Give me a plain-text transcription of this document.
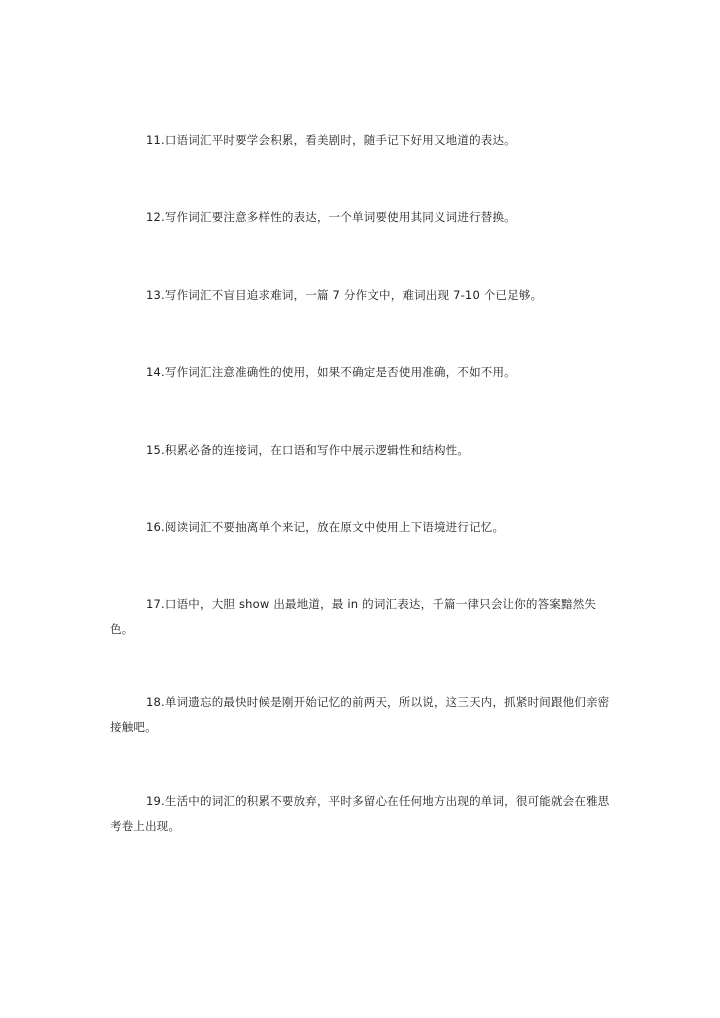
11.口语词汇平时要学会积累，看美剧时，随手记下好用又地道的表达。

12.写作词汇要注意多样性的表达，一个单词要使用其同义词进行替换。

13.写作词汇不盲目追求难词，一篇 7 分作文中，难词出现 7-10 个已足够。

14.写作词汇注意准确性的使用，如果不确定是否使用准确，不如不用。

15.积累必备的连接词，在口语和写作中展示逻辑性和结构性。

16.阅读词汇不要抽离单个来记，放在原文中使用上下语境进行记忆。

17.口语中，大胆 show 出最地道，最 in 的词汇表达，千篇一律只会让你的答案黯然失色。

18.单词遗忘的最快时候是刚开始记忆的前两天，所以说，这三天内，抓紧时间跟他们亲密接触吧。

19.生活中的词汇的积累不要放弃，平时多留心在任何地方出现的单词，很可能就会在雅思考卷上出现。
